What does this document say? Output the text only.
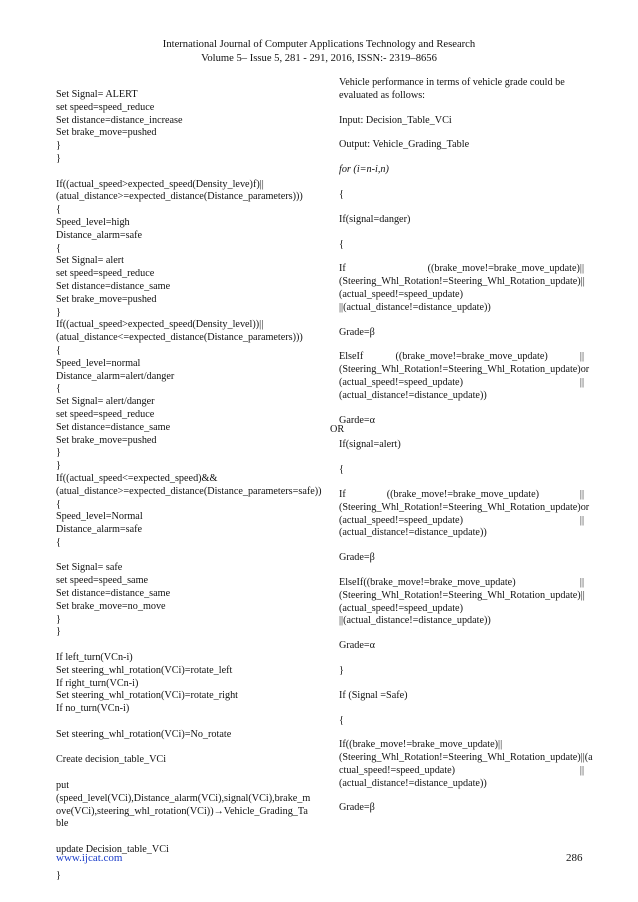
International Journal of Computer Applications Technology and Research
Volume 5– Issue 5, 281 - 291, 2016, ISSN:- 2319–8656
Set Signal= ALERT
set speed=speed_reduce
Set distance=distance_increase
Set brake_move=pushed
}
}
If((actual_speed>expected_speed(Density_leve)f)||
(atual_distance>=expected_distance(Distance_parameters)))
{
Speed_level=high
Distance_alarm=safe
{
Set Signal= alert
set speed=speed_reduce
Set distance=distance_same
Set brake_move=pushed
}
If((actual_speed>expected_speed(Density_level))||
(atual_distance<=expected_distance(Distance_parameters)))
{
Speed_level=normal
Distance_alarm=alert/danger
{
Set Signal= alert/danger
set speed=speed_reduce
Set distance=distance_same
Set brake_move=pushed
}
}
If((actual_speed<=expected_speed)&&
(atual_distance>=expected_distance(Distance_parameters=safe))
{
Speed_level=Normal
Distance_alarm=safe
{
Set Signal= safe
set speed=speed_same
Set distance=distance_same
Set brake_move=no_move
}
}
If left_turn(VCn-i)
Set steering_whl_rotation(VCi)=rotate_left
If right_turn(VCn-i)
Set steering_whl_rotation(VCi)=rotate_right
If no_turn(VCn-i)
Set steering_whl_rotation(VCi)=No_rotate
Create decision_table_VCi
put
(speed_level(VCi),Distance_alarm(VCi),signal(VCi),brake_m
ove(VCi),steering_whl_rotation(VCi))→Vehicle_Grading_Ta
ble
update Decision_table_VCi
}
Vehicle performance in terms of vehicle grade could be
evaluated as follows:
Input: Decision_Table_VCi
Output: Vehicle_Grading_Table
for (i=n-i,n)
{
If(signal=danger)
{
If	((brake_move!=brake_move_update)||
(Steering_Whl_Rotation!=Steering_Whl_Rotation_update)||
(actual_speed!=speed_update)
||(actual_distance!=distance_update))
Grade=β
ElseIf	((brake_move!=brake_move_update)	||
(Steering_Whl_Rotation!=Steering_Whl_Rotation_update)or
(actual_speed!=speed_update)	||
(actual_distance!=distance_update))
Garde=α
If(signal=alert)
{
If	((brake_move!=brake_move_update)	||
(Steering_Whl_Rotation!=Steering_Whl_Rotation_update)or
(actual_speed!=speed_update)	||
(actual_distance!=distance_update))
Grade=β
ElseIf((brake_move!=brake_move_update)	||
(Steering_Whl_Rotation!=Steering_Whl_Rotation_update)||
(actual_speed!=speed_update)
||(actual_distance!=distance_update))
Grade=α
}
If (Signal =Safe)
{
If((brake_move!=brake_move_update)||
(Steering_Whl_Rotation!=Steering_Whl_Rotation_update)||(a
ctual_speed!=speed_update)	||
(actual_distance!=distance_update))
Grade=β
OR
www.ijcat.com	286
